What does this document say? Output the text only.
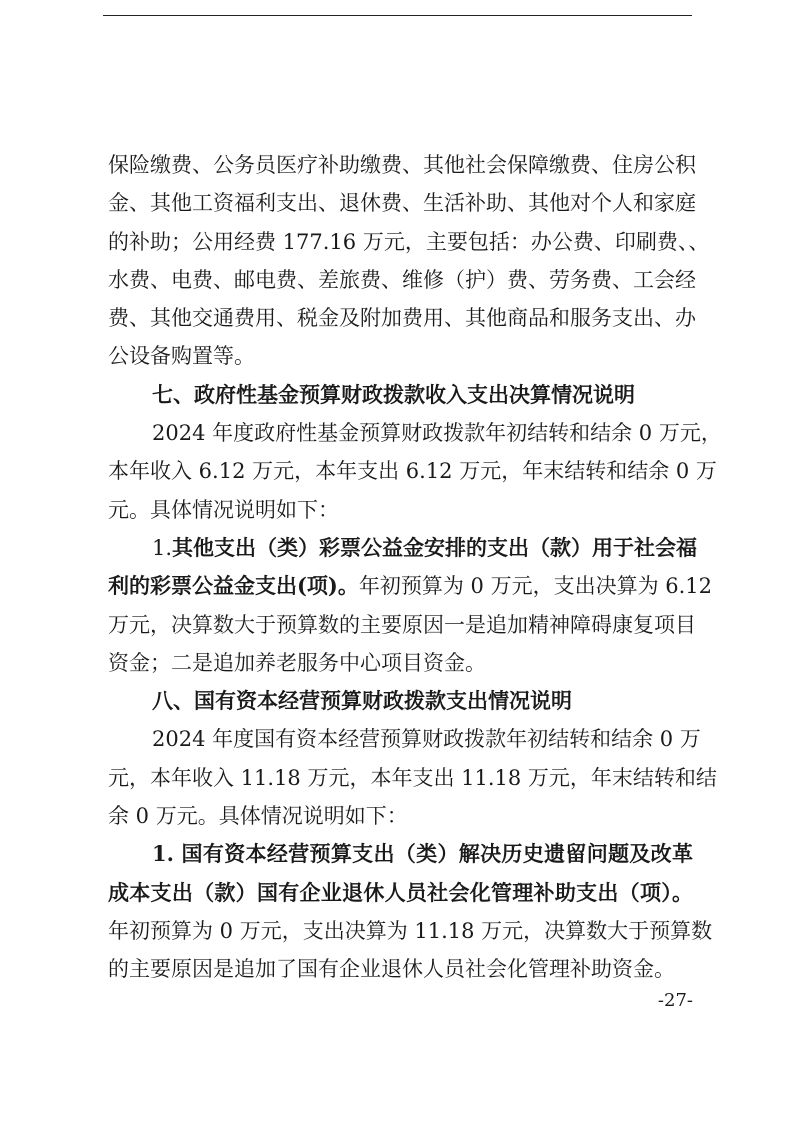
保险缴费、公务员医疗补助缴费、其他社会保障缴费、住房公积
金、其他工资福利支出、退休费、生活补助、其他对个人和家庭
的补助；公用经费 177.16 万元，主要包括：办公费、印刷费、、
水费、电费、邮电费、差旅费、维修（护）费、劳务费、工会经
费、其他交通费用、税金及附加费用、其他商品和服务支出、办
公设备购置等。
七、政府性基金预算财政拨款收入支出决算情况说明
2024 年度政府性基金预算财政拨款年初结转和结余 0 万元，
本年收入 6.12 万元，本年支出 6.12 万元，年末结转和结余 0 万
元。具体情况说明如下：
1.其他支出（类）彩票公益金安排的支出（款）用于社会福
利的彩票公益金支出(项)。年初预算为 0 万元，支出决算为 6.12
万元，决算数大于预算数的主要原因一是追加精神障碍康复项目
资金；二是追加养老服务中心项目资金。
八、国有资本经营预算财政拨款支出情况说明
2024 年度国有资本经营预算财政拨款年初结转和结余 0 万
元，本年收入 11.18 万元，本年支出 11.18 万元，年末结转和结
余 0 万元。具体情况说明如下：
1. 国有资本经营预算支出（类）解决历史遗留问题及改革
成本支出（款）国有企业退休人员社会化管理补助支出（项）。
年初预算为 0 万元，支出决算为 11.18 万元，决算数大于预算数
的主要原因是追加了国有企业退休人员社会化管理补助资金。
-27-
